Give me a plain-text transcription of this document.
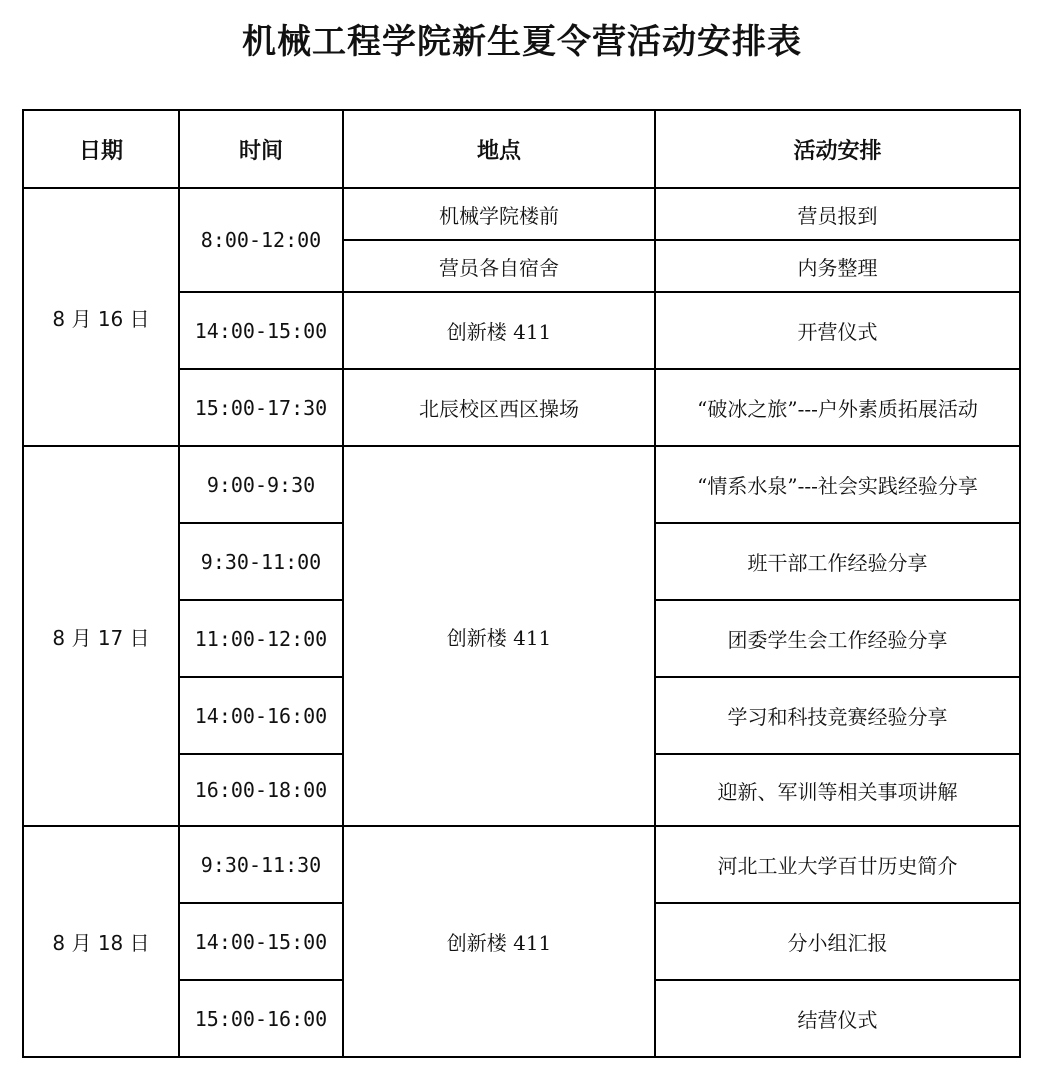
机械工程学院新生夏令营活动安排表
日期	时间	地点	活动安排
8 月 16 日	8:00-12:00	机械学院楼前	营员报到
		营员各自宿舍	内务整理
	14:00-15:00	创新楼 411	开营仪式
	15:00-17:30	北辰校区西区操场	“破冰之旅”---户外素质拓展活动
8 月 17 日	9:00-9:30	创新楼 411	“情系水泉”---社会实践经验分享
	9:30-11:00		班干部工作经验分享
	11:00-12:00		团委学生会工作经验分享
	14:00-16:00		学习和科技竞赛经验分享
	16:00-18:00		迎新、军训等相关事项讲解
8 月 18 日	9:30-11:30	创新楼 411	河北工业大学百廿历史简介
	14:00-15:00		分小组汇报
	15:00-16:00		结营仪式
